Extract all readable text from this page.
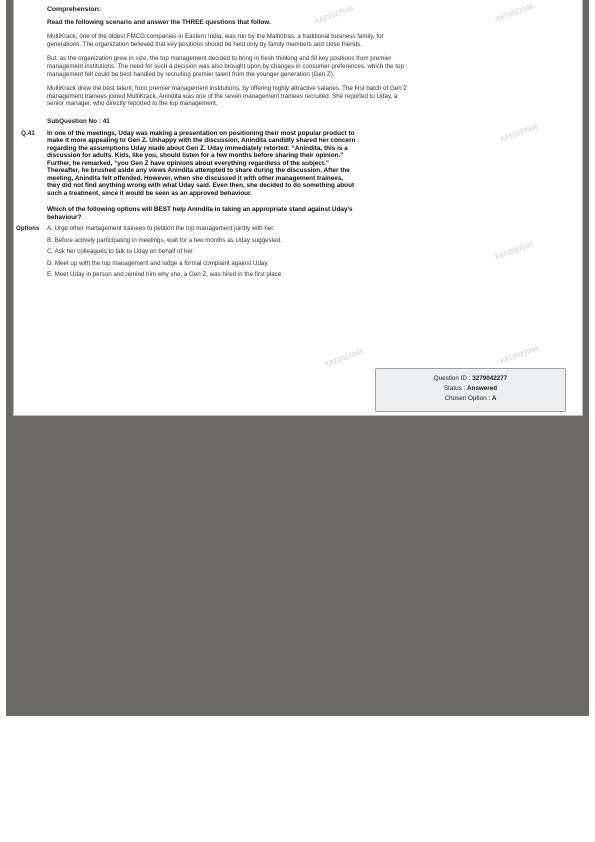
XAT2027046	XAT2027046
XAT2027046
XAT2027046
XAT2027046	XAT2027046
Comprehension:
Read the following scenario and answer the THREE questions that follow.
MultiKrack, one of the oldest FMCG companies in Eastern India, was run by the Malhotras, a traditional business family, for generations. The organization believed that key positions should be held only by family members and close friends.
But, as the organization grew in size, the top management decided to bring in fresh thinking and fill key positions from premier management institutions. The need for such a decision was also brought upon by changes in consumer preferences, which the top management felt could be best handled by recruiting premier talent from the younger generation (Gen Z).
MultiKrack drew the best talent, from premier management institutions, by offering highly attractive salaries. The first batch of Gen Z management trainees joined MultiKrack. Anindita was one of the seven management trainees recruited. She reported to Uday, a senior manager, who directly reported to the top management.
SubQuestion No : 41
Q.41 In one of the meetings, Uday was making a presentation on positioning their most popular product to make it more appealing to Gen Z. Unhappy with the discussion, Anindita candidly shared her concern regarding the assumptions Uday made about Gen Z. Uday immediately retorted: “Anindita, this is a discussion for adults. Kids, like you, should listen for a few months before sharing their opinion.” Further, he remarked, “you Gen Z have opinions about everything regardless of the subject.” Thereafter, he brushed aside any views Anindita attempted to share during the discussion. After the meeting, Anindita felt offended. However, when she discussed it with other management trainees, they did not find anything wrong with what Uday said. Even then, she decided to do something about such a treatment, since it would be seen as an approved behaviour.
Which of the following options will BEST help Anindita in taking an appropriate stand against Uday’s behaviour?
Options A. Urge other management trainees to petition the top management jointly with her.
B. Before actively participating in meetings, wait for a few months as Uday suggested.
C. Ask her colleagues to talk to Uday on behalf of her.
D. Meet up with the top management and lodge a formal complaint against Uday.
E. Meet Uday in person and remind him why she, a Gen Z, was hired in the first place.
Question ID : 3279042277
Status : Answered
Chosen Option : A
